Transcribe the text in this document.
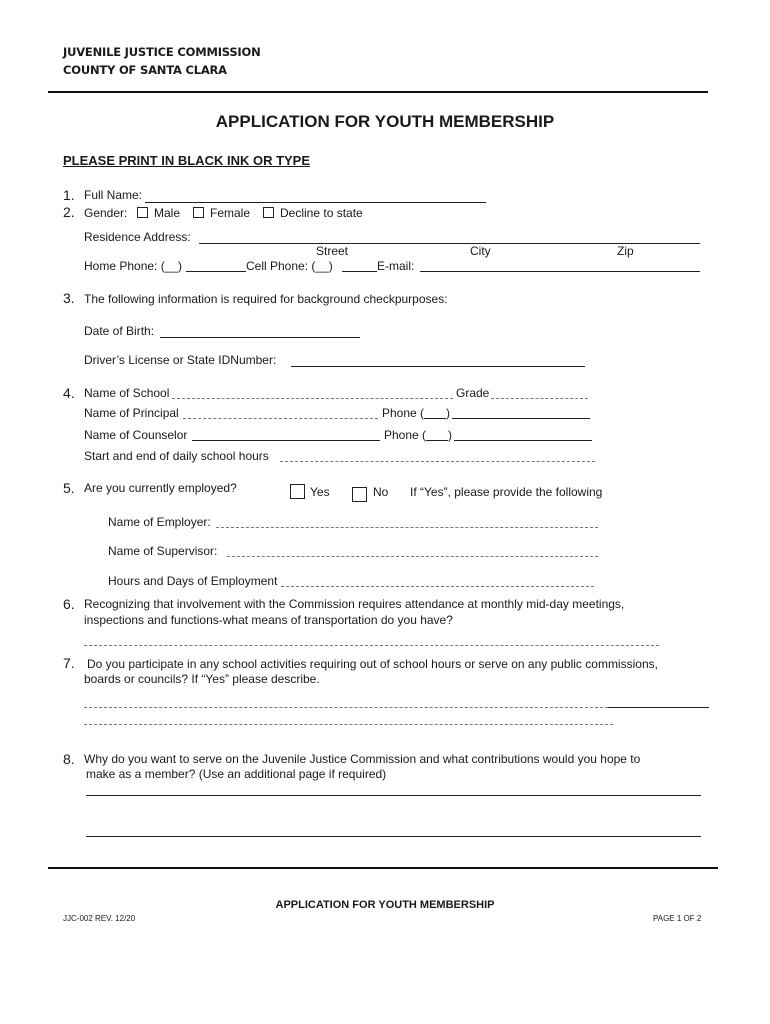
JUVENILE JUSTICE COMMISSION
COUNTY OF SANTA CLARA
APPLICATION FOR YOUTH MEMBERSHIP
PLEASE PRINT IN BLACK INK OR TYPE
1. Full Name:
2. Gender:	Male	Female	Decline to state
Residence Address:
Street	City	Zip
Home Phone: (__)	Cell Phone: (__)	E-mail:
3. The following information is required for background checkpurposes:
Date of Birth:
Driver’s License or State IDNumber:
4. Name of School	Grade
Name of Principal	Phone ( )
Name of Counselor	Phone ( )
Start and end of daily school hours
5. Are you currently employed?	Yes	No If “Yes”, please provide the following
Name of Employer:
Name of Supervisor:
Hours and Days of Employment
6. Recognizing that involvement with the Commission requires attendance at monthly mid-day meetings,
inspections and functions-what means of transportation do you have?
7. Do you participate in any school activities requiring out of school hours or serve on any public commissions,
boards or councils? If “Yes” please describe.
8. Why do you want to serve on the Juvenile Justice Commission and what contributions would you hope to
make as a member? (Use an additional page if required)
APPLICATION FOR YOUTH MEMBERSHIP
JJC-002 REV. 12/20	PAGE 1 OF 2
